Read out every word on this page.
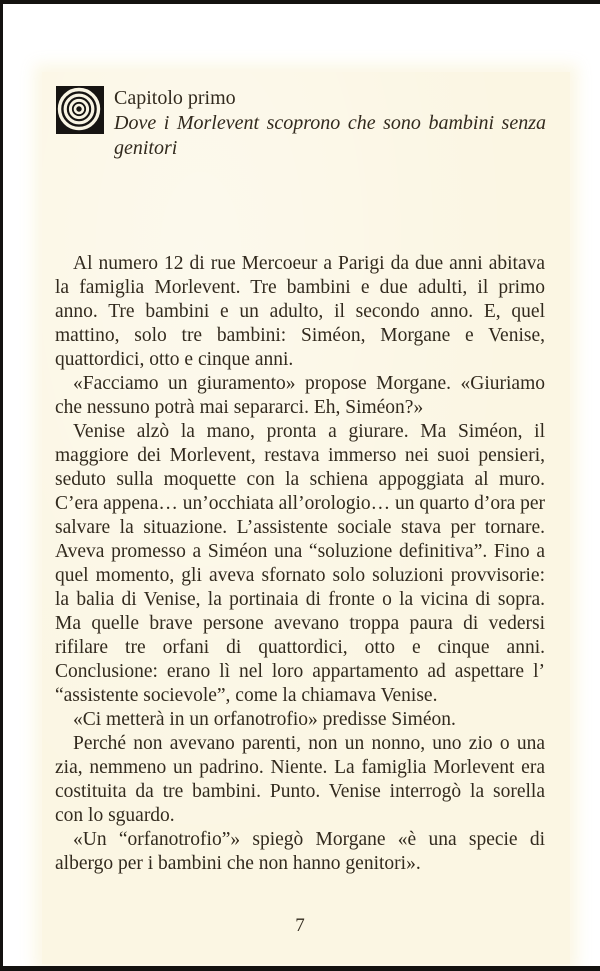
Capitolo primo
Dove i Morlevent scoprono che sono bambini senza genitori

Al numero 12 di rue Mercoeur a Parigi da due anni abitava la famiglia Morlevent. Tre bambini e due adulti, il primo anno. Tre bambini e un adulto, il secondo anno. E, quel mattino, solo tre bambini: Siméon, Morgane e Venise, quattordici, otto e cinque anni.

«Facciamo un giuramento» propose Morgane. «Giuriamo che nessuno potrà mai separarci. Eh, Siméon?»

Venise alzò la mano, pronta a giurare. Ma Siméon, il maggiore dei Morlevent, restava immerso nei suoi pensieri, seduto sulla moquette con la schiena appoggiata al muro. C’era appena… un’occhiata all’orologio… un quarto d’ora per salvare la situazione. L’assistente sociale stava per tornare. Aveva promesso a Siméon una “soluzione definitiva”. Fino a quel momento, gli aveva sfornato solo soluzioni provvisorie: la balia di Venise, la portinaia di fronte o la vicina di sopra. Ma quelle brave persone avevano troppa paura di vedersi rifilare tre orfani di quattordici, otto e cinque anni. Conclusione: erano lì nel loro appartamento ad aspettare l’ “assistente socievole”, come la chiamava Venise.

«Ci metterà in un orfanotrofio» predisse Siméon.

Perché non avevano parenti, non un nonno, uno zio o una zia, nemmeno un padrino. Niente. La famiglia Morlevent era costituita da tre bambini. Punto. Venise interrogò la sorella con lo sguardo.

«Un “orfanotrofio”» spiegò Morgane «è una specie di albergo per i bambini che non hanno genitori».

7
